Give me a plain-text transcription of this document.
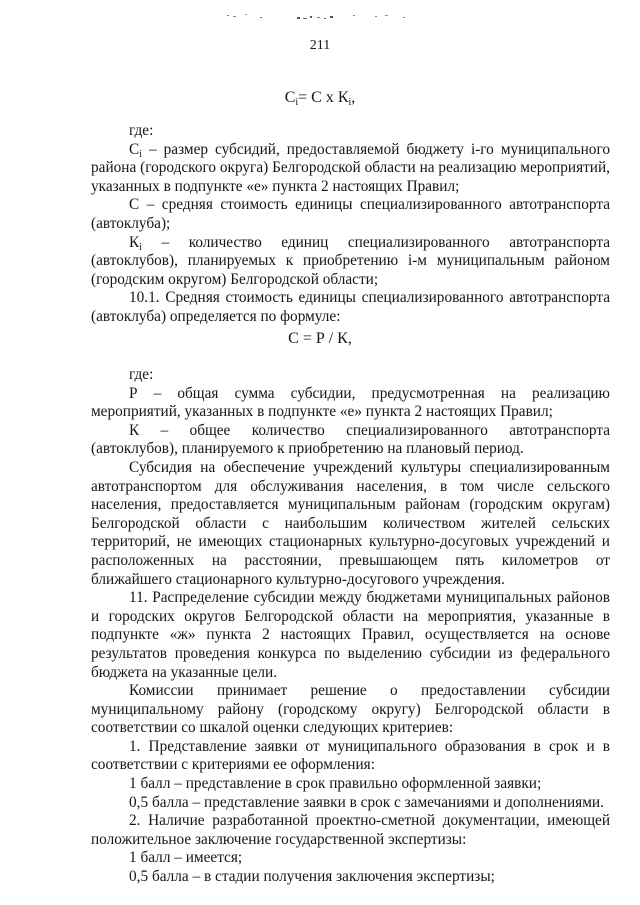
211
$C_i= С$ х $К_i$,

где:

$C_i$ – размер субсидий, предоставляемой бюджету i-го муниципального района (городского округа) Белгородской области на реализацию мероприятий, указанных в подпункте «е» пункта 2 настоящих Правил;

С – средняя стоимость единицы специализированного автотранспорта (автоклуба);

$К_i$ – количество единиц специализированного автотранспорта (автоклубов), планируемых к приобретению i-м муниципальным районом (городским округом) Белгородской области;

10.1. Средняя стоимость единицы специализированного автотранспорта (автоклуба) определяется по формуле:

С = Р / К,

где:

Р – общая сумма субсидии, предусмотренная на реализацию мероприятий, указанных в подпункте «е» пункта 2 настоящих Правил;

К – общее количество специализированного автотранспорта (автоклубов), планируемого к приобретению на плановый период.

Субсидия на обеспечение учреждений культуры специализированным автотранспортом для обслуживания населения, в том числе сельского населения, предоставляется муниципальным районам (городским округам) Белгородской области с наибольшим количеством жителей сельских территорий, не имеющих стационарных культурно-досуговых учреждений и расположенных на расстоянии, превышающем пять километров от ближайшего стационарного культурно-досугового учреждения.

11. Распределение субсидии между бюджетами муниципальных районов и городских округов Белгородской области на мероприятия, указанные в подпункте «ж» пункта 2 настоящих Правил, осуществляется на основе результатов проведения конкурса по выделению субсидии из федерального бюджета на указанные цели.

Комиссии принимает решение о предоставлении субсидии муниципальному району (городскому округу) Белгородской области в соответствии со шкалой оценки следующих критериев:

1. Представление заявки от муниципального образования в срок и в соответствии с критериями ее оформления:

1 балл – представление в срок правильно оформленной заявки;

0,5 балла – представление заявки в срок с замечаниями и дополнениями.

2. Наличие разработанной проектно-сметной документации, имеющей положительное заключение государственной экспертизы:

1 балл – имеется;

0,5 балла – в стадии получения заключения экспертизы;
